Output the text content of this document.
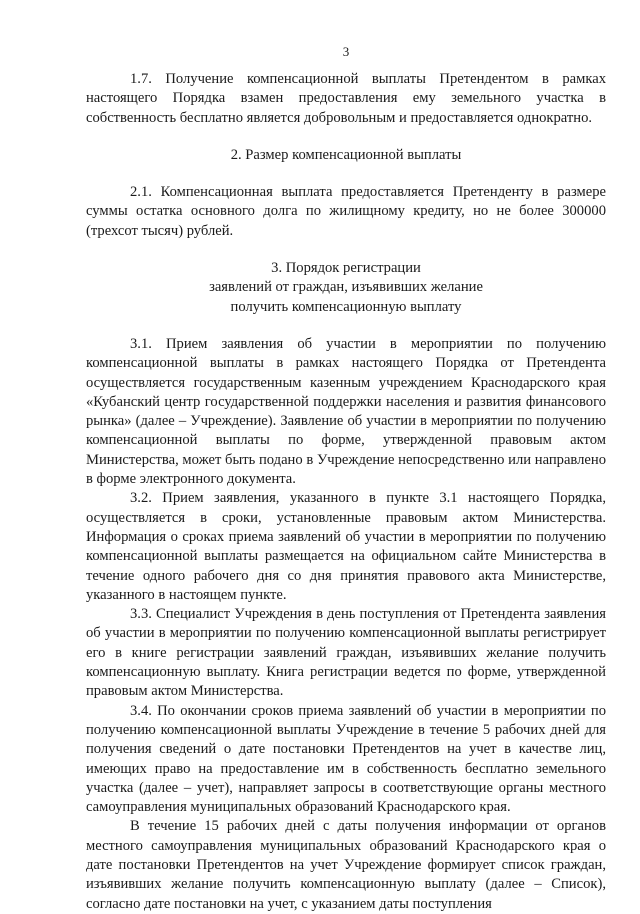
3

1.7. Получение компенсационной выплаты Претендентом в рамках настоящего Порядка взамен предоставления ему земельного участка в собственность бесплатно является добровольным и предоставляется однократно.

2. Размер компенсационной выплаты

2.1. Компенсационная выплата предоставляется Претенденту в размере суммы остатка основного долга по жилищному кредиту, но не более 300000 (трехсот тысяч) рублей.

3. Порядок регистрации

заявлений от граждан, изъявивших желание

получить компенсационную выплату

3.1. Прием заявления об участии в мероприятии по получению компенсационной выплаты в рамках настоящего Порядка от Претендента осуществляется государственным казенным учреждением Краснодарского края «Кубанский центр государственной поддержки населения и развития финансового рынка» (далее – Учреждение). Заявление об участии в мероприятии по получению компенсационной выплаты по форме, утвержденной правовым актом Министерства, может быть подано в Учреждение непосредственно или направлено в форме электронного документа.

3.2. Прием заявления, указанного в пункте 3.1 настоящего Порядка, осуществляется в сроки, установленные правовым актом Министерства. Информация о сроках приема заявлений об участии в мероприятии по получению компенсационной выплаты размещается на официальном сайте Министерства в течение одного рабочего дня со дня принятия правового акта Министерстве, указанного в настоящем пункте.

3.3. Специалист Учреждения в день поступления от Претендента заявления об участии в мероприятии по получению компенсационной выплаты регистрирует его в книге регистрации заявлений граждан, изъявивших желание получить компенсационную выплату. Книга регистрации ведется по форме, утвержденной правовым актом Министерства.

3.4. По окончании сроков приема заявлений об участии в мероприятии по получению компенсационной выплаты Учреждение в течение 5 рабочих дней для получения сведений о дате постановки Претендентов на учет в качестве лиц, имеющих право на предоставление им в собственность бесплатно земельного участка (далее – учет), направляет запросы в соответствующие органы местного самоуправления муниципальных образований Краснодарского края.

В течение 15 рабочих дней с даты получения информации от органов местного самоуправления муниципальных образований Краснодарского края о дате постановки Претендентов на учет Учреждение формирует список граждан, изъявивших желание получить компенсационную выплату (далее – Список), согласно дате постановки на учет, с указанием даты поступления
